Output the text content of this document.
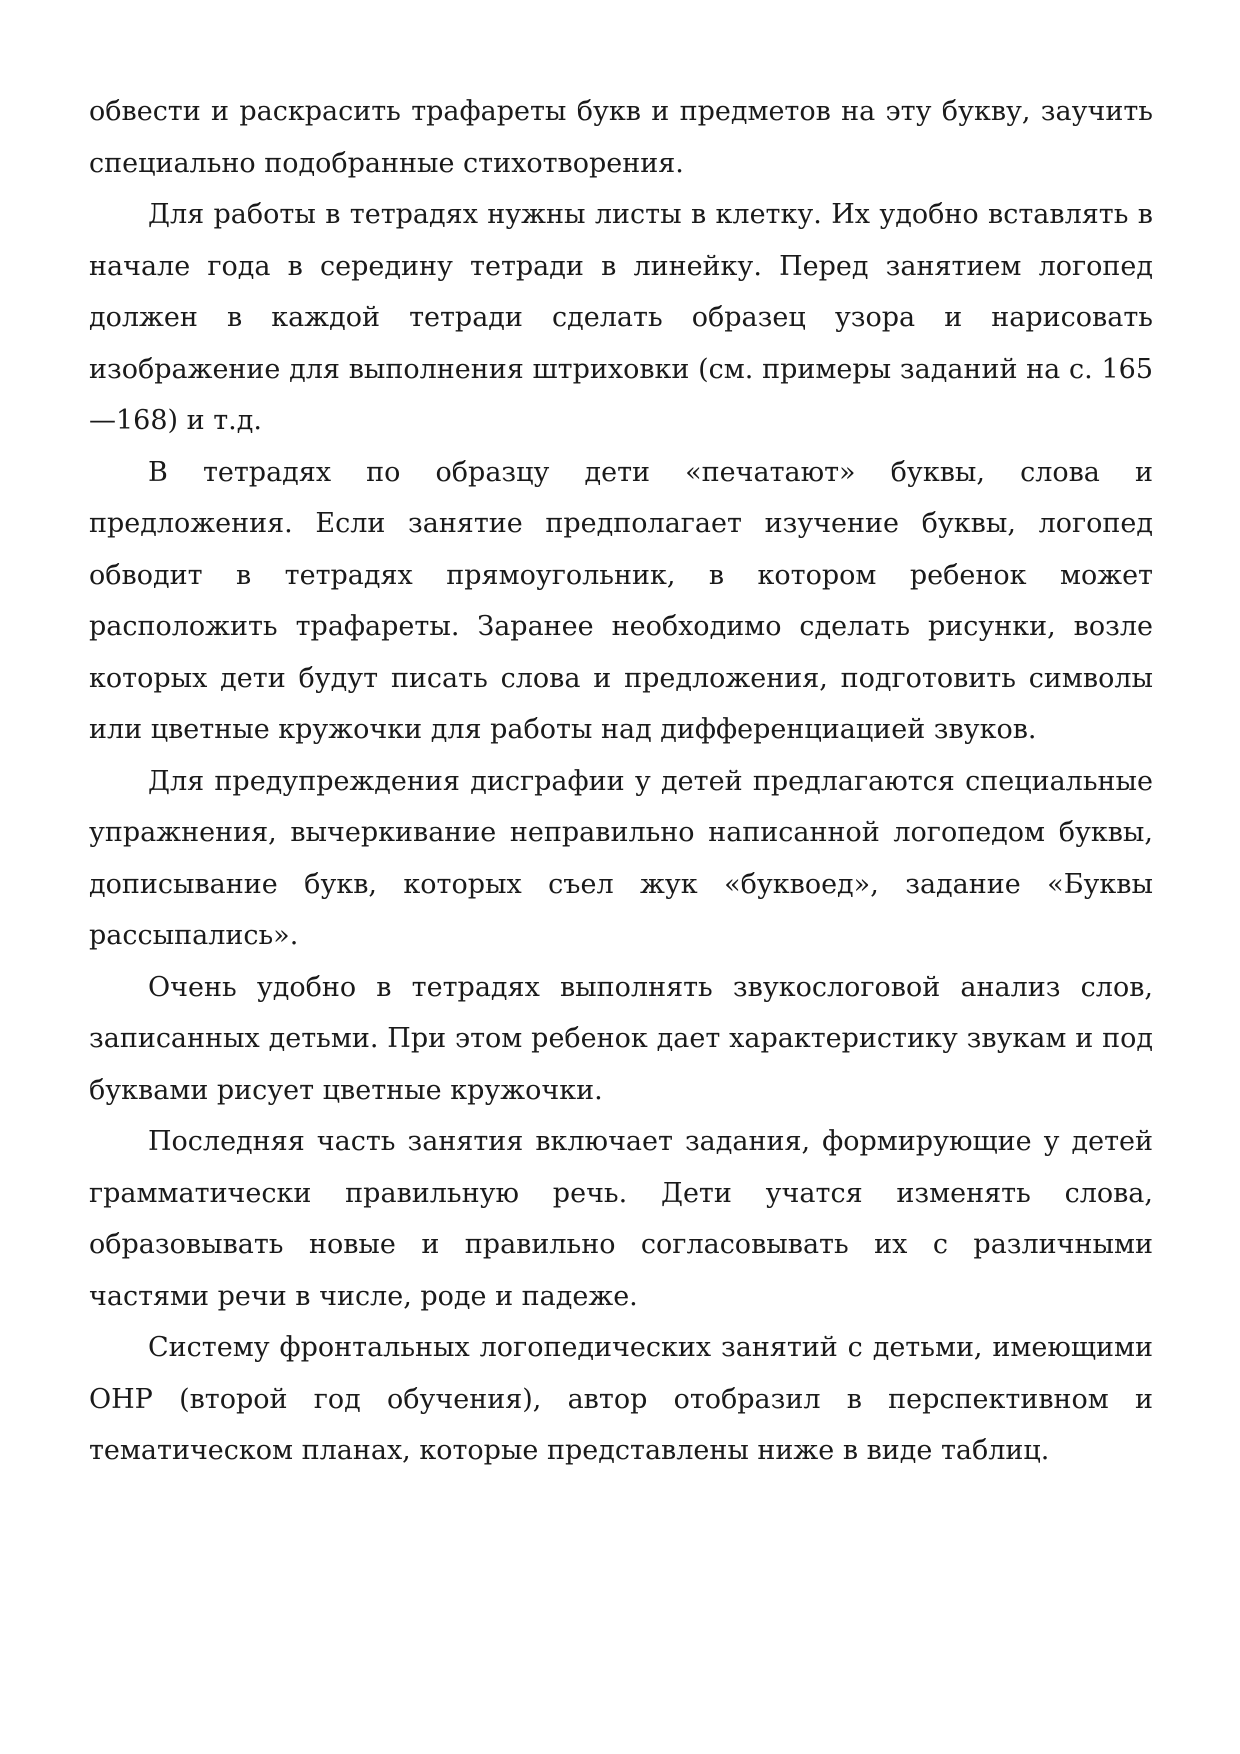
обвести и раскрасить трафареты букв и предметов на эту букву, заучить специально подобранные стихотворения.

Для работы в тетрадях нужны листы в клетку. Их удобно вставлять в начале года в середину тетради в линейку. Перед занятием логопед должен в каждой тетради сделать образец узора и нарисовать изображение для выполнения штриховки (см. примеры заданий на с. 165—168) и т.д.

В тетрадях по образцу дети «печатают» буквы, слова и предложения. Если занятие предполагает изучение буквы, логопед обводит в тетрадях прямоугольник, в котором ребенок может расположить трафареты. Заранее необходимо сделать рисунки, возле которых дети будут писать слова и предложения, подготовить символы или цветные кружочки для работы над дифференциацией звуков.

Для предупреждения дисграфии у детей предлагаются специальные упражнения, вычеркивание неправильно написанной логопедом буквы, дописывание букв, которых съел жук «буквоед», задание «Буквы рассыпались».

Очень удобно в тетрадях выполнять звукослоговой анализ слов, записанных детьми. При этом ребенок дает характеристику звукам и под буквами рисует цветные кружочки.

Последняя часть занятия включает задания, формирующие у детей грамматически правильную речь. Дети учатся изменять слова, образовывать новые и правильно согласовывать их с различными частями речи в числе, роде и падеже.

Систему фронтальных логопедических занятий с детьми, имеющими ОНР (второй год обучения), автор отобразил в перспективном и тематическом планах, которые представлены ниже в виде таблиц.
